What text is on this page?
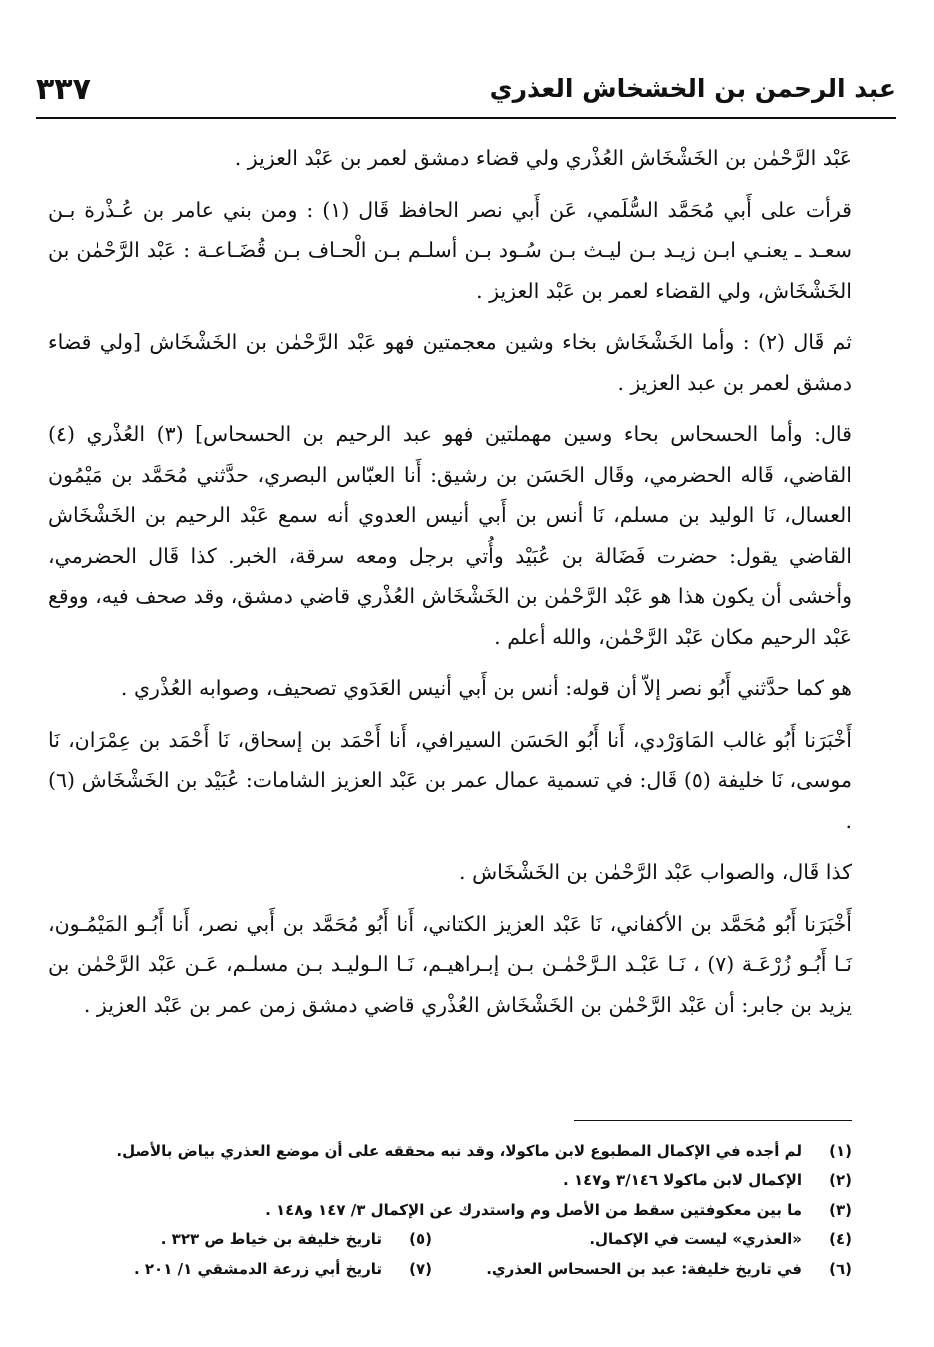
٣٣٧	عبد الرحمن بن الخشخاش العذري

عَبْد الرَّحْمٰن بن الخَشْخَاش العُذْري ولي قضاء دمشق لعمر بن عَبْد العزيز .

قرأت على أَبي مُحَمَّد السُّلَمي، عَن أَبي نصر الحافظ قَال (١) : ومن بني عامر بن عُـذْرة بـن سعـد ـ يعنـي ابـن زيـد بـن ليـث بـن سُـود بـن أسلـم بـن الْحـاف بـن قُضَـاعـة : عَبْد الرَّحْمٰن بن الخَشْخَاش، ولي القضاء لعمر بن عَبْد العزيز .

ثم قَال (٢) : وأما الخَشْخَاش بخاء وشين معجمتين فهو عَبْد الرَّحْمٰن بن الخَشْخَاش [ولي قضاء دمشق لعمر بن عبد العزيز .

قال: وأما الحسحاس بحاء وسين مهملتين فهو عبد الرحيم بن الحسحاس] (٣) العُذْري (٤) القاضي، قَاله الحضرمي، وقَال الحَسَن بن رشيق: أَنا العبّاس البصري، حدَّثني مُحَمَّد بن مَيْمُون العسال، نَا الوليد بن مسلم، نَا أنس بن أَبي أنيس العدوي أنه سمع عَبْد الرحيم بن الخَشْخَاش القاضي يقول: حضرت فَضَالة بن عُبَيْد وأُتي برجل ومعه سرقة، الخبر. كذا قَال الحضرمي، وأخشى أن يكون هذا هو عَبْد الرَّحْمٰن بن الخَشْخَاش العُذْري قاضي دمشق، وقد صحف فيه، ووقع عَبْد الرحيم مكان عَبْد الرَّحْمٰن، والله أعلم .

هو كما حدَّثني أَبُو نصر إلاّ أن قوله: أنس بن أَبي أنيس العَدَوي تصحيف، وصوابه العُذْري .

أَخْبَرَنا أَبُو غالب المَاوَرْدي، أَنا أَبُو الحَسَن السيرافي، أَنا أَحْمَد بن إسحاق، نَا أَحْمَد بن عِمْرَان، نَا موسى، نَا خليفة (٥) قَال: في تسمية عمال عمر بن عَبْد العزيز الشامات: عُبَيْد بن الخَشْخَاش (٦) .

كذا قَال، والصواب عَبْد الرَّحْمٰن بن الخَشْخَاش .

أَخْبَرَنا أَبُو مُحَمَّد بن الأكفاني، نَا عَبْد العزيز الكتاني، أَنا أَبُو مُحَمَّد بن أَبي نصر، أَنا أَبُـو المَيْمُـون، نَـا أَبُـو زُرْعَـة (٧) ، نَـا عَبْـد الـرَّحْمٰـن بـن إبـراهيـم، نَـا الـوليـد بـن مسلـم، عَـن عَبْد الرَّحْمٰن بن يزيد بن جابر: أن عَبْد الرَّحْمٰن بن الخَشْخَاش العُذْري قاضي دمشق زمن عمر بن عَبْد العزيز .

(١)
لم أجده في الإكمال المطبوع لابن ماكولا، وقد نبه محققه على أن موضع العذري بياض بالأصل.
(٢)
الإكمال لابن ماكولا ٣/١٤٦ و١٤٧ .
(٣)
ما بين معكوفتين سقط من الأصل وم واستدرك عن الإكمال ٣/ ١٤٧ و١٤٨ .
(٤)
«العذري» ليست في الإكمال.
(٥)
تاريخ خليفة بن خياط ص ٣٢٣ .
(٦)
في تاريخ خليفة: عبد بن الحسحاس العذري.
(٧)
تاريخ أبي زرعة الدمشقي ١/ ٢٠١ .
